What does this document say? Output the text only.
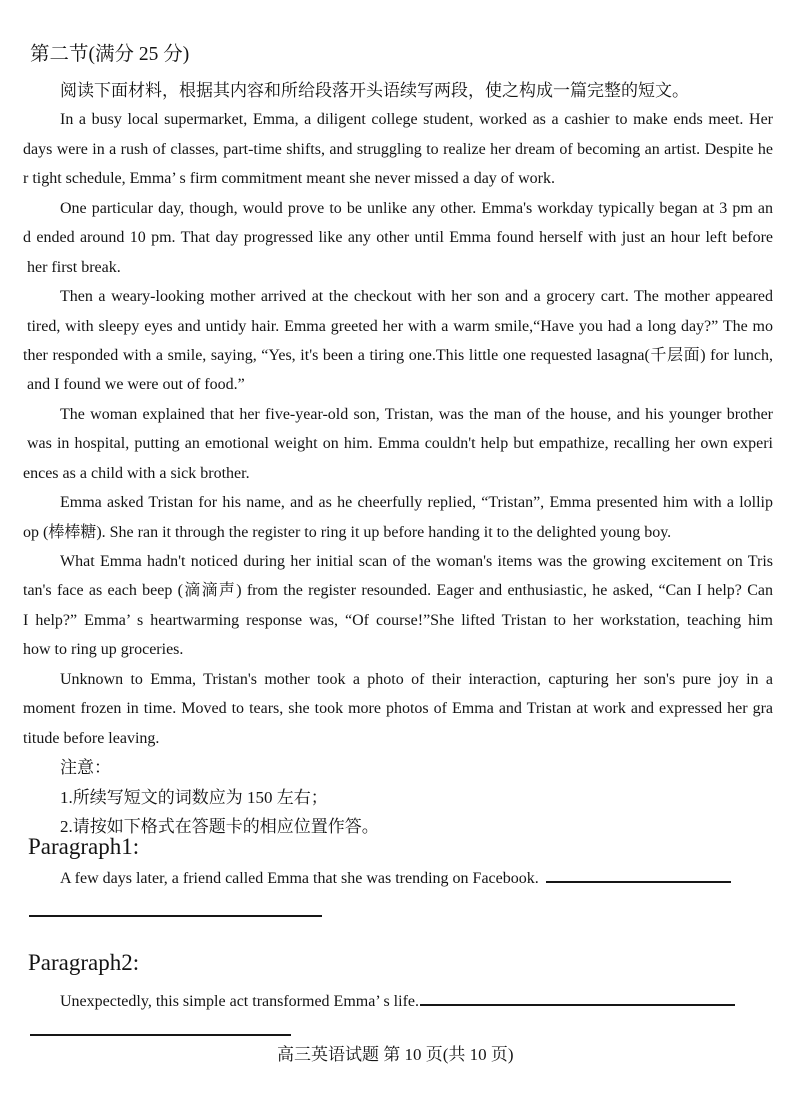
第二节(满分 25 分)
阅读下面材料，根据其内容和所给段落开头语续写两段，使之构成一篇完整的短文。
In a busy local supermarket, Emma, a diligent college student, worked as a cashier to make ends meet. Her
days were in a rush of classes, part-time shifts, and struggling to realize her dream of becoming an artist. Despite he
r tight schedule, Emma’ s firm commitment meant she never missed a day of work.
One particular day, though, would prove to be unlike any other. Emma's workday typically began at 3 pm an
d ended around 10 pm. That day progressed like any other until Emma found herself with just an hour left before
her first break.
Then a weary-looking mother arrived at the checkout with her son and a grocery cart. The mother appeared
tired, with sleepy eyes and untidy hair. Emma greeted her with a warm smile,“Have you had a long day?” The mo
ther responded with a smile, saying, “Yes, it's been a tiring one.This little one requested lasagna(千层面) for lunch,
and I found we were out of food.”
The woman explained that her five-year-old son, Tristan, was the man of the house, and his younger brother
was in hospital, putting an emotional weight on him. Emma couldn't help but empathize, recalling her own experi
ences as a child with a sick brother.
Emma asked Tristan for his name, and as he cheerfully replied, “Tristan”, Emma presented him with a lollip
op (棒棒糖). She ran it through the register to ring it up before handing it to the delighted young boy.
What Emma hadn't noticed during her initial scan of the woman's items was the growing excitement on Tris
tan's face as each beep (滴滴声) from the register resounded. Eager and enthusiastic, he asked, “Can I help? Can
I help?” Emma’ s heartwarming response was, “Of course!”She lifted Tristan to her workstation, teaching him
how to ring up groceries.
Unknown to Emma, Tristan's mother took a photo of their interaction, capturing her son's pure joy in a
moment frozen in time. Moved to tears, she took more photos of Emma and Tristan at work and expressed her gra
titude before leaving.
注意：
1.所续写短文的词数应为 150 左右；
2.请按如下格式在答题卡的相应位置作答。
Paragraph1:
A few days later, a friend called Emma that she was trending on Facebook.
Paragraph2:
Unexpectedly, this simple act transformed Emma’ s life.
高三英语试题 第 10 页(共 10 页)
